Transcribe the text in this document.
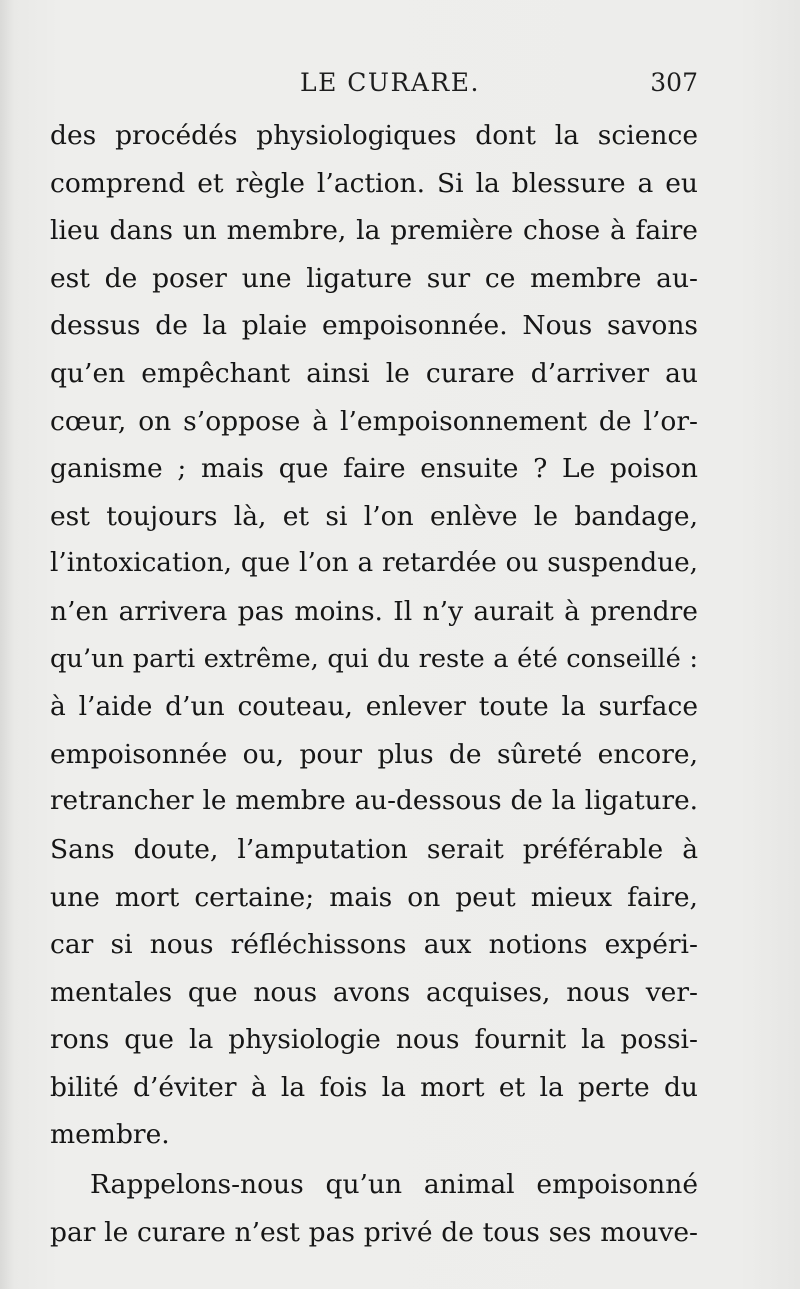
LE CURARE.	307
des procédés physiologiques dont la science
comprend et règle l’action. Si la blessure a eu
lieu dans un membre, la première chose à faire
est de poser une ligature sur ce membre au-
dessus de la plaie empoisonnée. Nous savons
qu’en empêchant ainsi le curare d’arriver au
cœur, on s’oppose à l’empoisonnement de l’or-
ganisme ; mais que faire ensuite ? Le poison
est toujours là, et si l’on enlève le bandage,
l’intoxication, que l’on a retardée ou suspendue,
n’en arrivera pas moins. Il n’y aurait à prendre
qu’un parti extrême, qui du reste a été conseillé :
à l’aide d’un couteau, enlever toute la surface
empoisonnée ou, pour plus de sûreté encore,
retrancher le membre au-dessous de la ligature.
Sans doute, l’amputation serait préférable à
une mort certaine; mais on peut mieux faire,
car si nous réfléchissons aux notions expéri-
mentales que nous avons acquises, nous ver-
rons que la physiologie nous fournit la possi-
bilité d’éviter à la fois la mort et la perte du
membre.
Rappelons-nous qu’un animal empoisonné
par le curare n’est pas privé de tous ses mouve-
